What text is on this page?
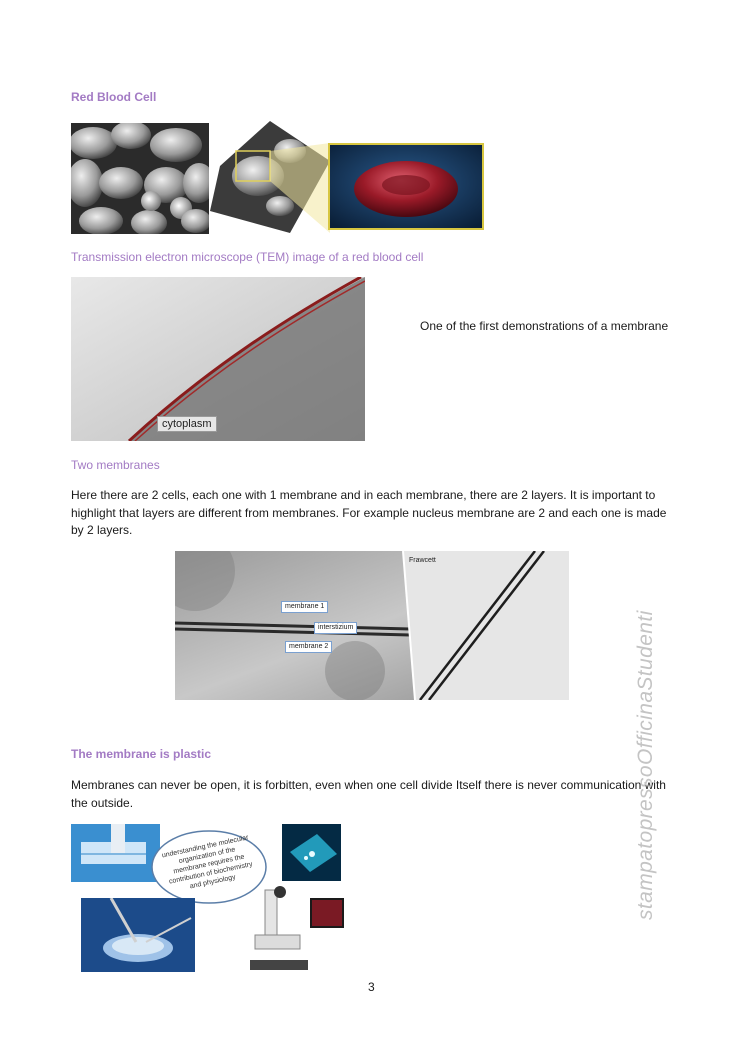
Red Blood Cell
Transmission electron microscope (TEM) image of a red blood cell
cytoplasm
One of the first demonstrations of a membrane
Two membranes
Here there are 2 cells, each one with 1 membrane and in each membrane, there are 2 layers. It is important to highlight that layers are different from membranes. For example nucleus membrane are 2 and each one is made by 2 layers.
membrane 1
interstizium
membrane 2
Frawcett
The membrane is plastic
Membranes can never be open, it is forbitten, even when one cell divide Itself there is never communication with the outside.
understanding the molecular organization of the membrane requires the contribution of biochemistry and physiology	stampatopressoOfficinaStudenti
3
